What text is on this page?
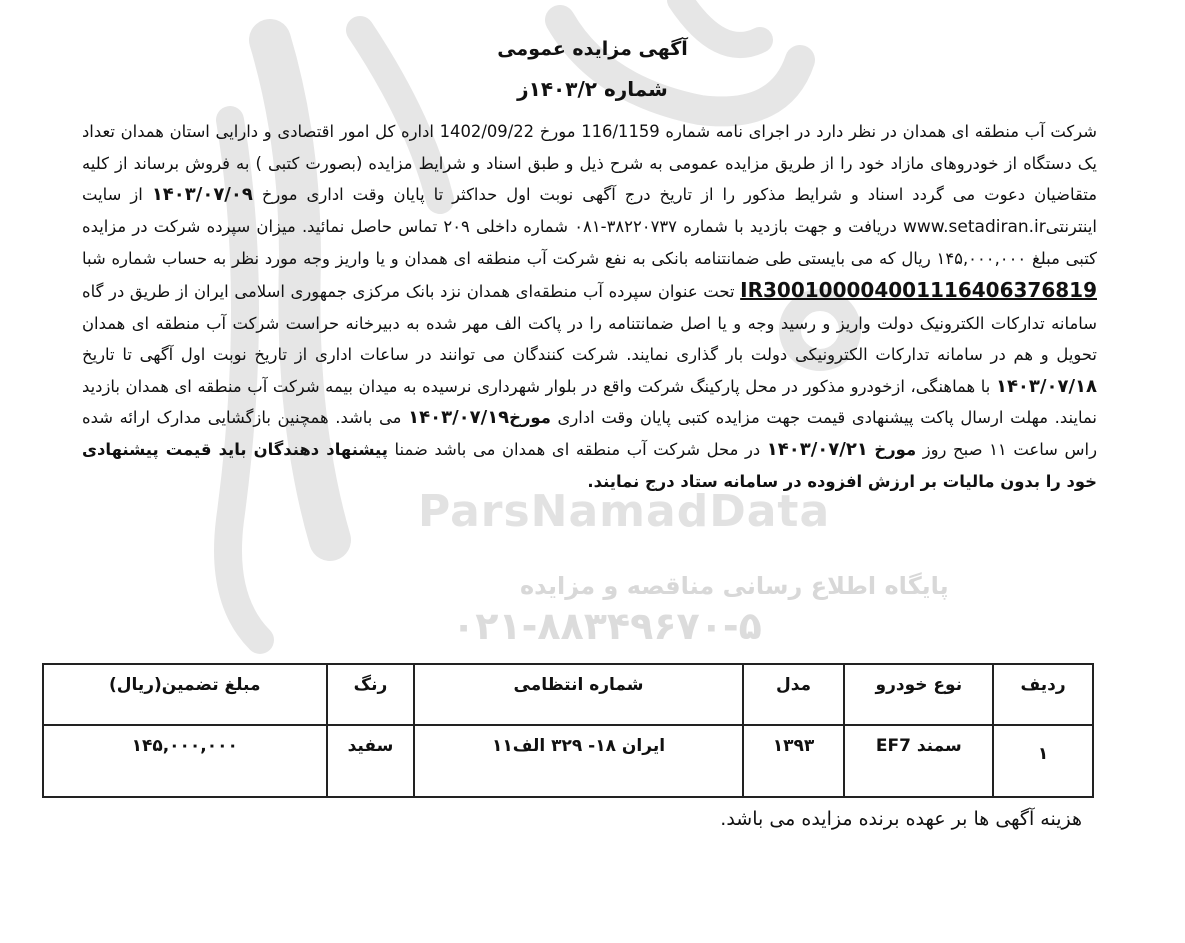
ParsNamadData
پایگاه اطلاع رسانی مناقصه و مزایده
۰۲۱-۸۸۳۴۹۶۷۰-۵
آگهی مزایده عمومی
شماره ۱۴۰۳/۲ز
شرکت آب منطقه ای همدان در نظر دارد در اجرای نامه شماره 116/1159 مورخ 1402/09/22 اداره کل امور اقتصادی و دارایی استان همدان تعداد یک دستگاه از خودروهای مازاد خود را از طریق مزایده عمومی به شرح ذیل و طبق اسناد و شرایط مزایده (بصورت کتبی ) به فروش برساند از کلیه متقاضیان دعوت می گردد اسناد و شرایط مذکور را از تاریخ درج آگهی نوبت اول حداکثر تا پایان وقت اداری مورخ ۱۴۰۳/۰۷/۰۹ از سایت اینترنتیwww.setadiran.ir دریافت و جهت بازدید با شماره ۳۸۲۲۰۷۳۷-۰۸۱ شماره داخلی ۲۰۹ تماس حاصل نمائید. میزان سپرده شرکت در مزایده کتبی مبلغ ۱۴۵,۰۰۰,۰۰۰ ریال که می بایستی طی ضمانتنامه بانکی به نفع شرکت آب منطقه ای همدان و یا واریز وجه مورد نظر به حساب شماره شبا IR300100004001116406376819 تحت عنوان سپرده آب منطقه‌ای همدان نزد بانک مرکزی جمهوری اسلامی ایران از طریق در گاه سامانه تدارکات الکترونیک دولت واریز و رسید وجه و یا اصل ضمانتنامه را در پاکت الف مهر شده به دبیرخانه حراست شرکت آب منطقه ای همدان تحویل و هم در سامانه تدارکات الکترونیکی دولت بار گذاری نمایند. شرکت کنندگان می توانند در ساعات اداری از تاریخ نوبت اول آگهی تا تاریخ ۱۴۰۳/۰۷/۱۸ با هماهنگی، ازخودرو مذکور در محل پارکینگ شرکت واقع در بلوار شهرداری نرسیده به میدان بیمه شرکت آب منطقه ای همدان بازدید نمایند. مهلت ارسال پاکت پیشنهادی قیمت جهت مزایده کتبی پایان وقت اداری مورخ۱۴۰۳/۰۷/۱۹ می باشد. همچنین بازگشایی مدارک ارائه شده راس ساعت ۱۱ صبح روز مورخ ۱۴۰۳/۰۷/۲۱ در محل شرکت آب منطقه ای همدان می باشد ضمنا پیشنهاد دهندگان باید قیمت پیشنهادی خود را بدون مالیات بر ارزش افزوده در سامانه ستاد درج نمایند.
ردیف	نوع خودرو	مدل	شماره انتظامی	رنگ	مبلغ تضمین(ریال)
۱	سمند EF7	۱۳۹۳	ایران ۱۸- ۳۲۹ الف۱۱	سفید	۱۴۵,۰۰۰,۰۰۰
هزینه آگهی ها بر عهده برنده مزایده می باشد.
